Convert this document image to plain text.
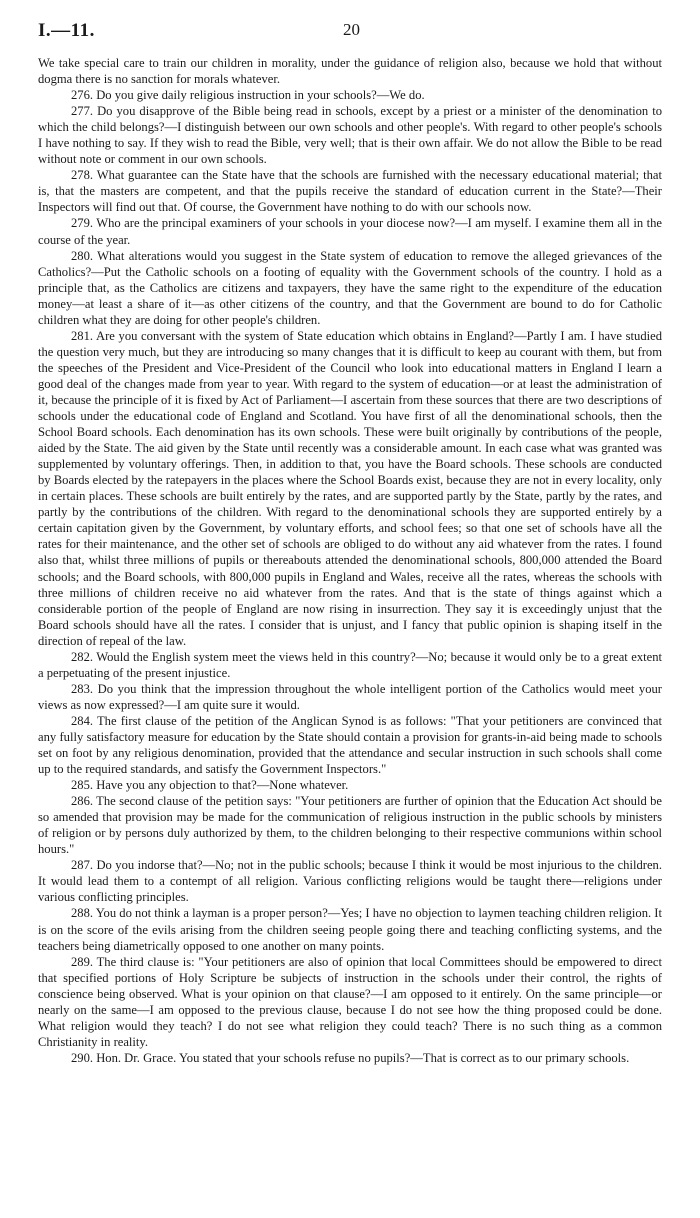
I.—11.	20

We take special care to train our children in morality, under the guidance of religion also, because we hold that without dogma there is no sanction for morals whatever.

276. Do you give daily religious instruction in your schools?—We do.

277. Do you disapprove of the Bible being read in schools, except by a priest or a minister of the denomination to which the child belongs?—I distinguish between our own schools and other people's. With regard to other people's schools I have nothing to say. If they wish to read the Bible, very well; that is their own affair. We do not allow the Bible to be read without note or comment in our own schools.

278. What guarantee can the State have that the schools are furnished with the necessary educational material; that is, that the masters are competent, and that the pupils receive the standard of education current in the State?—Their Inspectors will find out that. Of course, the Government have nothing to do with our schools now.

279. Who are the principal examiners of your schools in your diocese now?—I am myself. I examine them all in the course of the year.

280. What alterations would you suggest in the State system of education to remove the alleged grievances of the Catholics?—Put the Catholic schools on a footing of equality with the Government schools of the country. I hold as a principle that, as the Catholics are citizens and taxpayers, they have the same right to the expenditure of the education money—at least a share of it—as other citizens of the country, and that the Government are bound to do for Catholic children what they are doing for other people's children.

281. Are you conversant with the system of State education which obtains in England?—Partly I am. I have studied the question very much, but they are introducing so many changes that it is difficult to keep au courant with them, but from the speeches of the President and Vice-President of the Council who look into educational matters in England I learn a good deal of the changes made from year to year. With regard to the system of education—or at least the administration of it, because the principle of it is fixed by Act of Parliament—I ascertain from these sources that there are two descriptions of schools under the educational code of England and Scotland. You have first of all the denominational schools, then the School Board schools. Each denomination has its own schools. These were built originally by contributions of the people, aided by the State. The aid given by the State until recently was a considerable amount. In each case what was granted was supplemented by voluntary offerings. Then, in addition to that, you have the Board schools. These schools are conducted by Boards elected by the ratepayers in the places where the School Boards exist, because they are not in every locality, only in certain places. These schools are built entirely by the rates, and are supported partly by the State, partly by the rates, and partly by the contributions of the children. With regard to the denominational schools they are supported entirely by a certain capitation given by the Government, by voluntary efforts, and school fees; so that one set of schools have all the rates for their maintenance, and the other set of schools are obliged to do without any aid whatever from the rates. I found also that, whilst three millions of pupils or thereabouts attended the denominational schools, 800,000 attended the Board schools; and the Board schools, with 800,000 pupils in England and Wales, receive all the rates, whereas the schools with three millions of children receive no aid whatever from the rates. And that is the state of things against which a considerable portion of the people of England are now rising in insurrection. They say it is exceedingly unjust that the Board schools should have all the rates. I consider that is unjust, and I fancy that public opinion is shaping itself in the direction of repeal of the law.

282. Would the English system meet the views held in this country?—No; because it would only be to a great extent a perpetuating of the present injustice.

283. Do you think that the impression throughout the whole intelligent portion of the Catholics would meet your views as now expressed?—I am quite sure it would.

284. The first clause of the petition of the Anglican Synod is as follows: "That your petitioners are convinced that any fully satisfactory measure for education by the State should contain a provision for grants-in-aid being made to schools set on foot by any religious denomination, provided that the attendance and secular instruction in such schools shall come up to the required standards, and satisfy the Government Inspectors."

285. Have you any objection to that?—None whatever.

286. The second clause of the petition says: "Your petitioners are further of opinion that the Education Act should be so amended that provision may be made for the communication of religious instruction in the public schools by ministers of religion or by persons duly authorized by them, to the children belonging to their respective communions within school hours."

287. Do you indorse that?—No; not in the public schools; because I think it would be most injurious to the children. It would lead them to a contempt of all religion. Various conflicting religions would be taught there—religions under various conflicting principles.

288. You do not think a layman is a proper person?—Yes; I have no objection to laymen teaching children religion. It is on the score of the evils arising from the children seeing people going there and teaching conflicting systems, and the teachers being diametrically opposed to one another on many points.

289. The third clause is: "Your petitioners are also of opinion that local Committees should be empowered to direct that specified portions of Holy Scripture be subjects of instruction in the schools under their control, the rights of conscience being observed. What is your opinion on that clause?—I am opposed to it entirely. On the same principle—or nearly on the same—I am opposed to the previous clause, because I do not see how the thing proposed could be done. What religion would they teach? I do not see what religion they could teach? There is no such thing as a common Christianity in reality.

290. Hon. Dr. Grace. You stated that your schools refuse no pupils?—That is correct as to our primary schools.
